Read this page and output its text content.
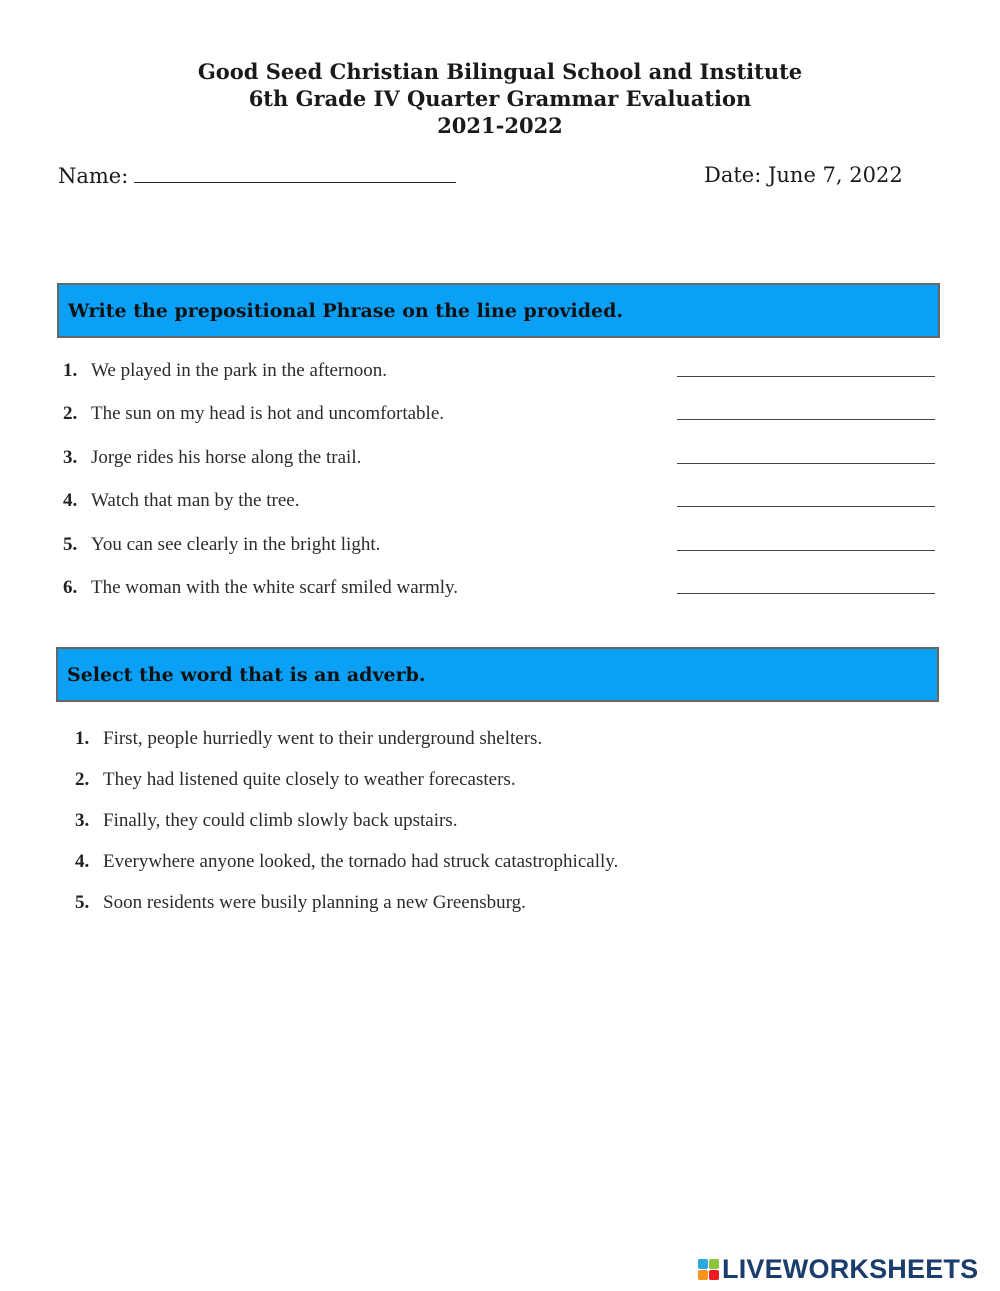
Good Seed Christian Bilingual School and Institute
6th Grade IV Quarter Grammar Evaluation
2021-2022
Name:	Date: June 7, 2022
Write the prepositional Phrase on the line provided.
1. We played in the park in the afternoon.
2. The sun on my head is hot and uncomfortable.
3. Jorge rides his horse along the trail.
4. Watch that man by the tree.
5. You can see clearly in the bright light.
6. The woman with the white scarf smiled warmly.
Select the word that is an adverb.
1. First, people hurriedly went to their underground shelters.
2. They had listened quite closely to weather forecasters.
3. Finally, they could climb slowly back upstairs.
4. Everywhere anyone looked, the tornado had struck catastrophically.
5. Soon residents were busily planning a new Greensburg.
LIVEWORKSHEETS
